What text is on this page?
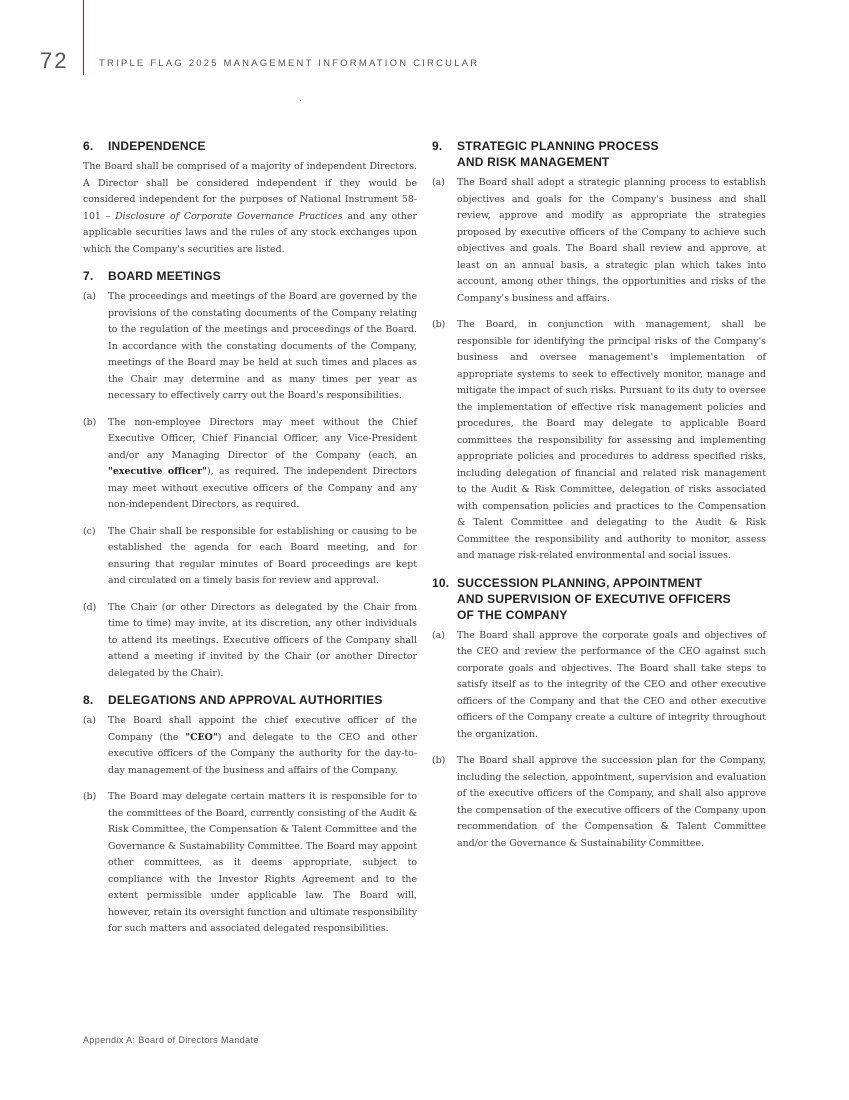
72	TRIPLE FLAG 2025 MANAGEMENT INFORMATION CIRCULAR
6.	INDEPENDENCE

The Board shall be comprised of a majority of independent Directors. A Director shall be considered independent if they would be considered independent for the purposes of National Instrument 58-101 – Disclosure of Corporate Governance Practices and any other applicable securities laws and the rules of any stock exchanges upon which the Company's securities are listed.

7.	BOARD MEETINGS
(a)	The proceedings and meetings of the Board are governed by the provisions of the constating documents of the Company relating to the regulation of the meetings and proceedings of the Board. In accordance with the constating documents of the Company, meetings of the Board may be held at such times and places as the Chair may determine and as many times per year as necessary to effectively carry out the Board's responsibilities.
(b)	The non-employee Directors may meet without the Chief Executive Officer, Chief Financial Officer, any Vice-President and/or any Managing Director of the Company (each, an "executive officer"), as required. The independent Directors may meet without executive officers of the Company and any non-independent Directors, as required.
(c)	The Chair shall be responsible for establishing or causing to be established the agenda for each Board meeting, and for ensuring that regular minutes of Board proceedings are kept and circulated on a timely basis for review and approval.
(d)	The Chair (or other Directors as delegated by the Chair from time to time) may invite, at its discretion, any other individuals to attend its meetings. Executive officers of the Company shall attend a meeting if invited by the Chair (or another Director delegated by the Chair).
8.	DELEGATIONS AND APPROVAL AUTHORITIES
(a)	The Board shall appoint the chief executive officer of the Company (the "CEO") and delegate to the CEO and other executive officers of the Company the authority for the day-to-day management of the business and affairs of the Company.
(b)	The Board may delegate certain matters it is responsible for to the committees of the Board, currently consisting of the Audit & Risk Committee, the Compensation & Talent Committee and the Governance & Sustainability Committee. The Board may appoint other committees, as it deems appropriate, subject to compliance with the Investor Rights Agreement and to the extent permissible under applicable law. The Board will, however, retain its oversight function and ultimate responsibility for such matters and associated delegated responsibilities.
9.	STRATEGIC PLANNING PROCESS
AND RISK MANAGEMENT
(a)	The Board shall adopt a strategic planning process to establish objectives and goals for the Company's business and shall review, approve and modify as appropriate the strategies proposed by executive officers of the Company to achieve such objectives and goals. The Board shall review and approve, at least on an annual basis, a strategic plan which takes into account, among other things, the opportunities and risks of the Company's business and affairs.
(b)	The Board, in conjunction with management, shall be responsible for identifying the principal risks of the Company's business and oversee management's implementation of appropriate systems to seek to effectively monitor, manage and mitigate the impact of such risks. Pursuant to its duty to oversee the implementation of effective risk management policies and procedures, the Board may delegate to applicable Board committees the responsibility for assessing and implementing appropriate policies and procedures to address specified risks, including delegation of financial and related risk management to the Audit & Risk Committee, delegation of risks associated with compensation policies and practices to the Compensation & Talent Committee and delegating to the Audit & Risk Committee the responsibility and authority to monitor, assess and manage risk-related environmental and social issues.
10. SUCCESSION PLANNING, APPOINTMENT
AND SUPERVISION OF EXECUTIVE OFFICERS
OF THE COMPANY
(a)	The Board shall approve the corporate goals and objectives of the CEO and review the performance of the CEO against such corporate goals and objectives. The Board shall take steps to satisfy itself as to the integrity of the CEO and other executive officers of the Company and that the CEO and other executive officers of the Company create a culture of integrity throughout the organization.
(b)	The Board shall approve the succession plan for the Company, including the selection, appointment, supervision and evaluation of the executive officers of the Company, and shall also approve the compensation of the executive officers of the Company upon recommendation of the Compensation & Talent Committee and/or the Governance & Sustainability Committee.
Appendix A: Board of Directors Mandate
